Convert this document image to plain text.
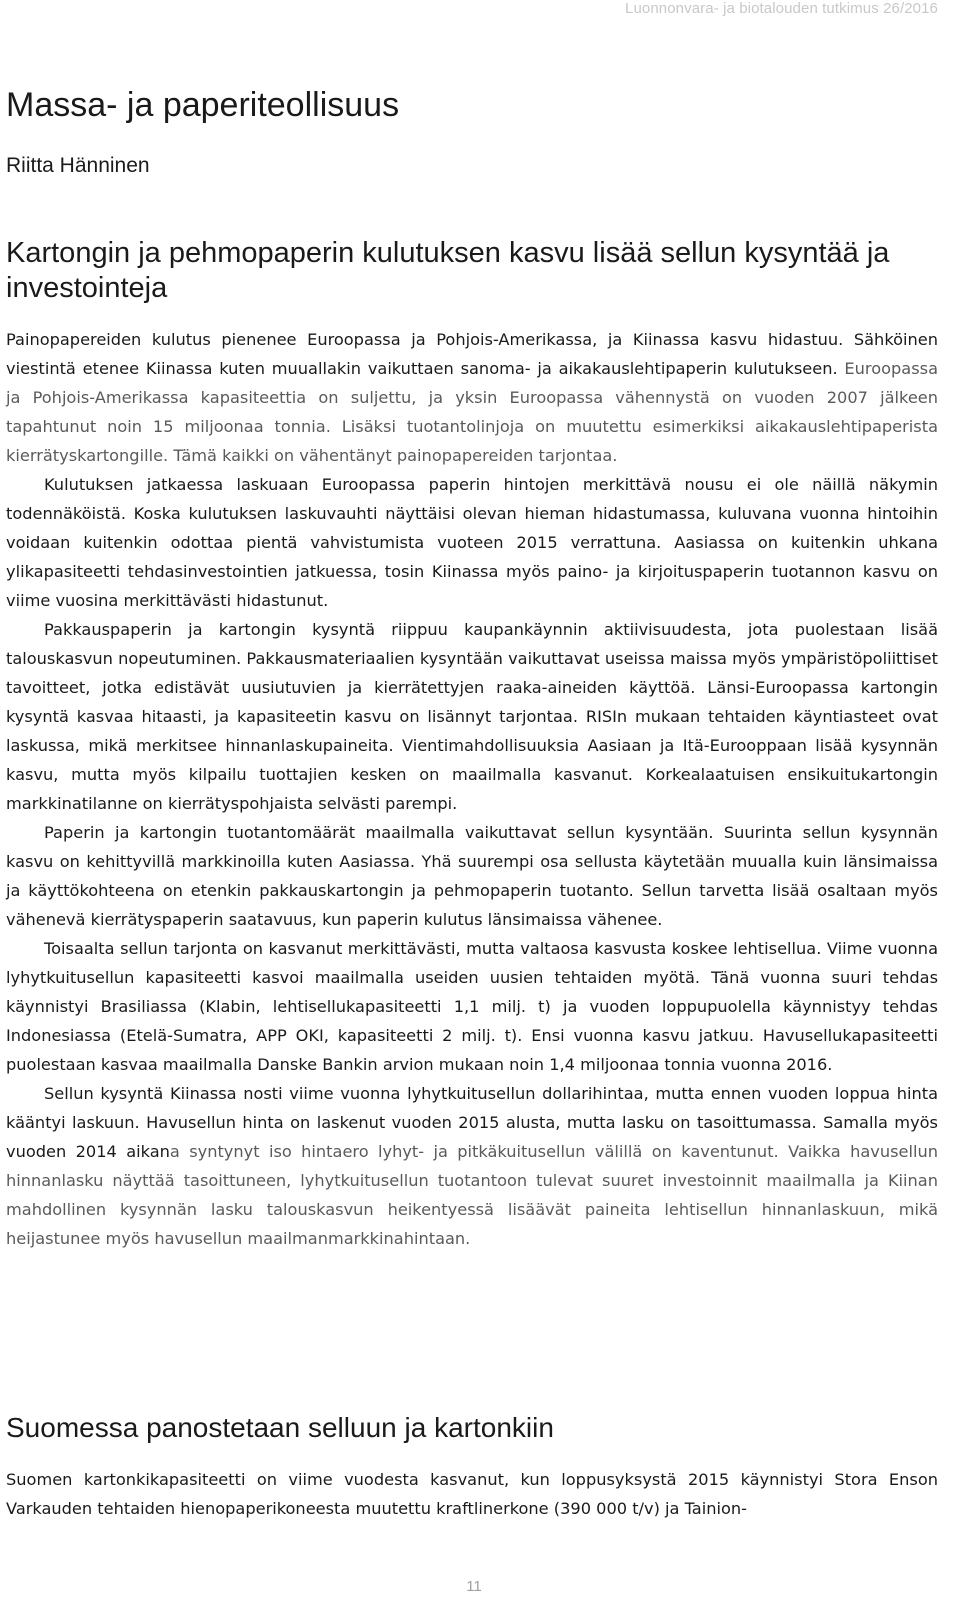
Luonnonvara- ja biotalouden tutkimus 26/2016
Massa- ja paperiteollisuus
Riitta Hänninen
Kartongin ja pehmopaperin kulutuksen kasvu lisää sellun kysyntää ja investointeja

Painopapereiden kulutus pienenee Euroopassa ja Pohjois-Amerikassa, ja Kiinassa kasvu hidastuu. Sähköinen viestintä etenee Kiinassa kuten muuallakin vaikuttaen sanoma- ja aikakauslehtipaperin kulutukseen. Euroopassa ja Pohjois-Amerikassa kapasiteettia on suljettu, ja yksin Euroopassa vähennystä on vuoden 2007 jälkeen tapahtunut noin 15 miljoonaa tonnia. Lisäksi tuotantolinjoja on muutettu esimerkiksi aikakauslehtipaperista kierrätyskartongille. Tämä kaikki on vähentänyt painopapereiden tarjontaa.

Kulutuksen jatkaessa laskuaan Euroopassa paperin hintojen merkittävä nousu ei ole näillä näkymin todennäköistä. Koska kulutuksen laskuvauhti näyttäisi olevan hieman hidastumassa, kuluvana vuonna hintoihin voidaan kuitenkin odottaa pientä vahvistumista vuoteen 2015 verrattuna. Aasiassa on kuitenkin uhkana ylikapasiteetti tehdasinvestointien jatkuessa, tosin Kiinassa myös paino- ja kirjoituspaperin tuotannon kasvu on viime vuosina merkittävästi hidastunut.

Pakkauspaperin ja kartongin kysyntä riippuu kaupankäynnin aktiivisuudesta, jota puolestaan lisää talouskasvun nopeutuminen. Pakkausmateriaalien kysyntään vaikuttavat useissa maissa myös ympäristöpoliittiset tavoitteet, jotka edistävät uusiutuvien ja kierrätettyjen raaka-aineiden käyttöä. Länsi-Euroopassa kartongin kysyntä kasvaa hitaasti, ja kapasiteetin kasvu on lisännyt tarjontaa. RISIn mukaan tehtaiden käyntiasteet ovat laskussa, mikä merkitsee hinnanlaskupaineita. Vientimahdollisuuksia Aasiaan ja Itä-Eurooppaan lisää kysynnän kasvu, mutta myös kilpailu tuottajien kesken on maailmalla kasvanut. Korkealaatuisen ensikuitukartongin markkinatilanne on kierrätyspohjaista selvästi parempi.

Paperin ja kartongin tuotantomäärät maailmalla vaikuttavat sellun kysyntään. Suurinta sellun kysynnän kasvu on kehittyvillä markkinoilla kuten Aasiassa. Yhä suurempi osa sellusta käytetään muualla kuin länsimaissa ja käyttökohteena on etenkin pakkauskartongin ja pehmopaperin tuotanto. Sellun tarvetta lisää osaltaan myös vähenevä kierrätyspaperin saatavuus, kun paperin kulutus länsimaissa vähenee.

Toisaalta sellun tarjonta on kasvanut merkittävästi, mutta valtaosa kasvusta koskee lehtisellua. Viime vuonna lyhytkuitusellun kapasiteetti kasvoi maailmalla useiden uusien tehtaiden myötä. Tänä vuonna suuri tehdas käynnistyi Brasiliassa (Klabin, lehtisellukapasiteetti 1,1 milj. t) ja vuoden loppupuolella käynnistyy tehdas Indonesiassa (Etelä-Sumatra, APP OKI, kapasiteetti 2 milj. t). Ensi vuonna kasvu jatkuu. Havusellukapasiteetti puolestaan kasvaa maailmalla Danske Bankin arvion mukaan noin 1,4 miljoonaa tonnia vuonna 2016.

Sellun kysyntä Kiinassa nosti viime vuonna lyhytkuitusellun dollarihintaa, mutta ennen vuoden loppua hinta kääntyi laskuun. Havusellun hinta on laskenut vuoden 2015 alusta, mutta lasku on tasoittumassa. Samalla myös vuoden 2014 aikana syntynyt iso hintaero lyhyt- ja pitkäkuitusellun välillä on kaventunut. Vaikka havusellun hinnanlasku näyttää tasoittuneen, lyhytkuitusellun tuotantoon tulevat suuret investoinnit maailmalla ja Kiinan mahdollinen kysynnän lasku talouskasvun heikentyessä lisäävät paineita lehtisellun hinnanlaskuun, mikä heijastunee myös havusellun maailmanmarkkinahintaan.

Suomessa panostetaan selluun ja kartonkiin

Suomen kartonkikapasiteetti on viime vuodesta kasvanut, kun loppusyksystä 2015 käynnistyi Stora Enson Varkauden tehtaiden hienopaperikoneesta muutettu kraftlinerkone (390 000 t/v) ja Tainion-

11
